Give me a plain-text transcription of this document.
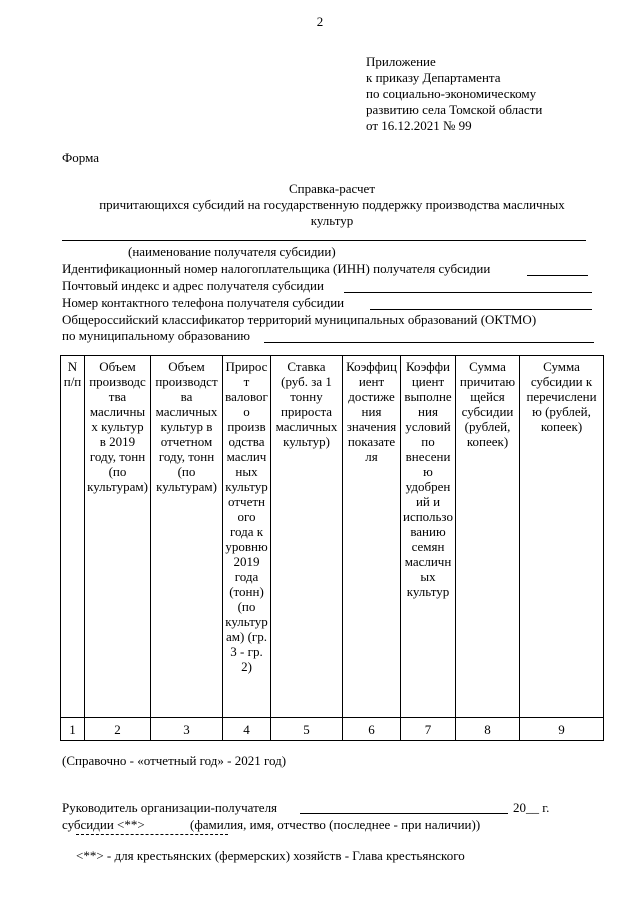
2
Приложение
к приказу Департамента
по социально-экономическому
развитию села Томской области
от 16.12.2021 № 99
Форма
Справка-расчет
причитающихся субсидий на государственную поддержку производства масличных
культур
(наименование получателя субсидии)
Идентификационный номер налогоплательщика (ИНН) получателя субсидии
Почтовый индекс и адрес получателя субсидии
Номер контактного телефона получателя субсидии
Общероссийский классификатор территорий муниципальных образований (ОКТМО)
по муниципальному образованию
N п/п	Объем производства масличных культур в 2019 году, тонн (по культурам)	Объем производства масличных культур в отчетном году, тонн (по культурам)	Прирост валового производства масличных культур отчетного года к уровню 2019 года (тонн) (по культурам) (гр. 3 - гр. 2)	Ставка (руб. за 1 тонну прироста масличных культур)	Коэффициент достижения значения показателя	Коэффициент выполнения условий по внесению удобрений и использованию семян масличных культур	Сумма причитающейся субсидии (рублей, копеек)	Сумма субсидии к перечислению (рублей, копеек)
1	2	3	4	5	6	7	8	9
(Справочно - «отчетный год» - 2021 год)
Руководитель организации-получателя	20__ г.
субсидии <**>	(фамилия, имя, отчество (последнее - при наличии))
<**> - для крестьянских (фермерских) хозяйств - Глава крестьянского
